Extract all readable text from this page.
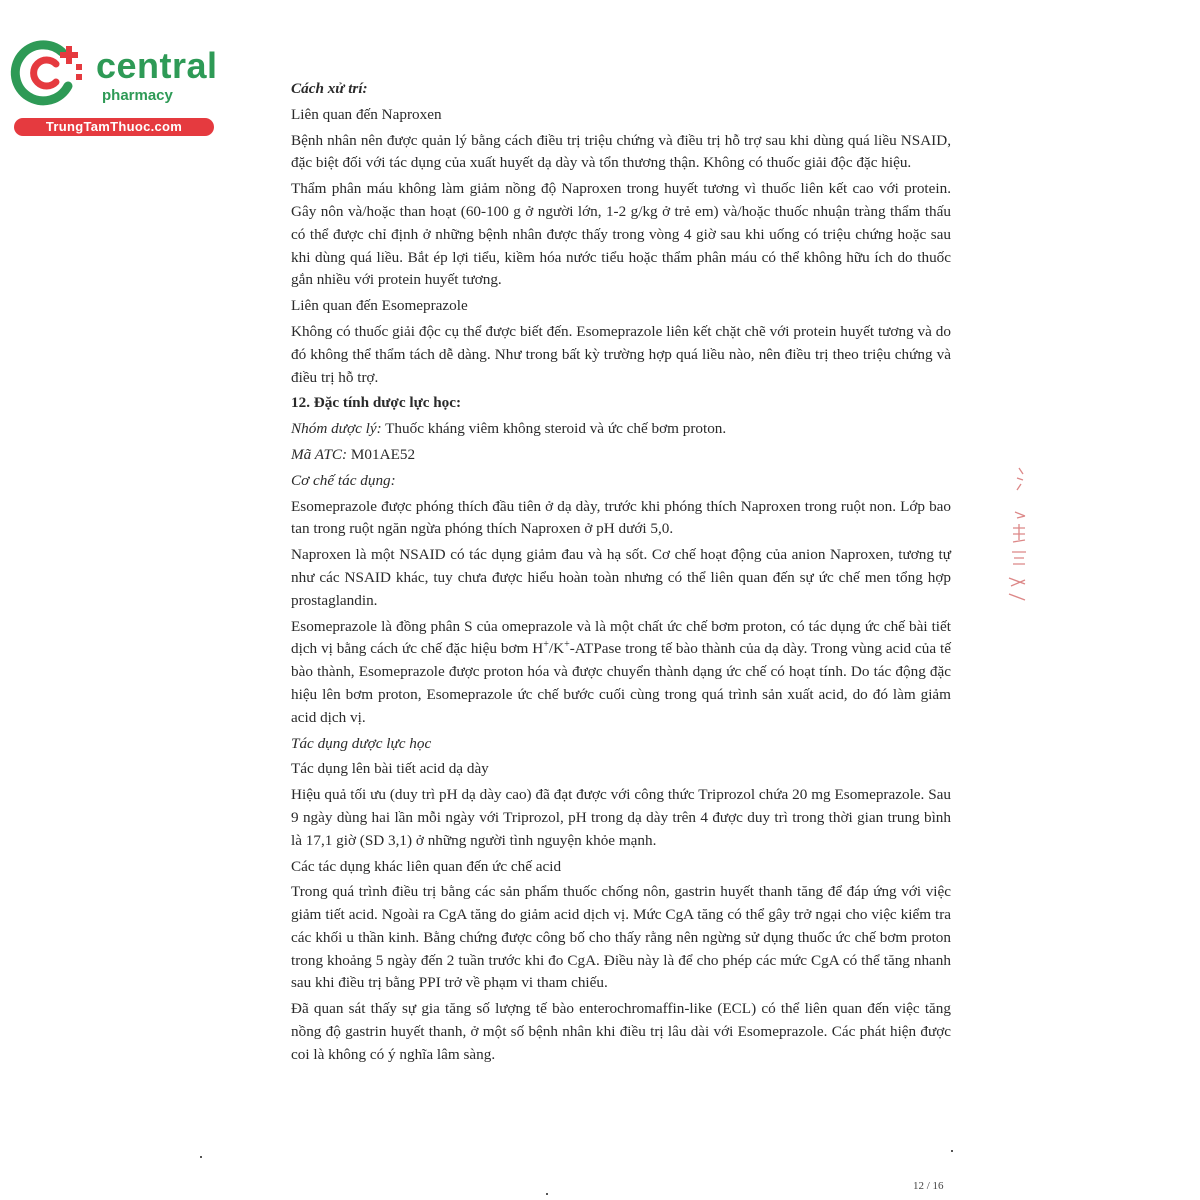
central
pharmacy
TrungTamThuoc.com
Cách xử trí:
Liên quan đến Naproxen

Bệnh nhân nên được quản lý bằng cách điều trị triệu chứng và điều trị hỗ trợ sau khi dùng quá liều NSAID, đặc biệt đối với tác dụng của xuất huyết dạ dày và tổn thương thận. Không có thuốc giải độc đặc hiệu.

Thẩm phân máu không làm giảm nồng độ Naproxen trong huyết tương vì thuốc liên kết cao với protein. Gây nôn và/hoặc than hoạt (60-100 g ở người lớn, 1-2 g/kg ở trẻ em) và/hoặc thuốc nhuận tràng thẩm thấu có thể được chỉ định ở những bệnh nhân được thấy trong vòng 4 giờ sau khi uống có triệu chứng hoặc sau khi dùng quá liều. Bắt ép lợi tiểu, kiềm hóa nước tiểu hoặc thẩm phân máu có thể không hữu ích do thuốc gắn nhiều với protein huyết tương.

Liên quan đến Esomeprazole

Không có thuốc giải độc cụ thể được biết đến. Esomeprazole liên kết chặt chẽ với protein huyết tương và do đó không thể thẩm tách dễ dàng. Như trong bất kỳ trường hợp quá liều nào, nên điều trị theo triệu chứng và điều trị hỗ trợ.

12. Đặc tính dược lực học:
Nhóm dược lý: Thuốc kháng viêm không steroid và ức chế bơm proton.
Mã ATC: M01AE52
Cơ chế tác dụng:

Esomeprazole được phóng thích đầu tiên ở dạ dày, trước khi phóng thích Naproxen trong ruột non. Lớp bao tan trong ruột ngăn ngừa phóng thích Naproxen ở pH dưới 5,0.

Naproxen là một NSAID có tác dụng giảm đau và hạ sốt. Cơ chế hoạt động của anion Naproxen, tương tự như các NSAID khác, tuy chưa được hiểu hoàn toàn nhưng có thể liên quan đến sự ức chế men tổng hợp prostaglandin.

Esomeprazole là đồng phân S của omeprazole và là một chất ức chế bơm proton, có tác dụng ức chế bài tiết dịch vị bằng cách ức chế đặc hiệu bơm H+/K+-ATPase trong tế bào thành của dạ dày. Trong vùng acid của tế bào thành, Esomeprazole được proton hóa và được chuyển thành dạng ức chế có hoạt tính. Do tác động đặc hiệu lên bơm proton, Esomeprazole ức chế bước cuối cùng trong quá trình sản xuất acid, do đó làm giảm acid dịch vị.

Tác dụng dược lực học
Tác dụng lên bài tiết acid dạ dày

Hiệu quả tối ưu (duy trì pH dạ dày cao) đã đạt được với công thức Triprozol chứa 20 mg Esomeprazole. Sau 9 ngày dùng hai lần mỗi ngày với Triprozol, pH trong dạ dày trên 4 được duy trì trong thời gian trung bình là 17,1 giờ (SD 3,1) ở những người tình nguyện khỏe mạnh.

Các tác dụng khác liên quan đến ức chế acid

Trong quá trình điều trị bằng các sản phẩm thuốc chống nôn, gastrin huyết thanh tăng để đáp ứng với việc giảm tiết acid. Ngoài ra CgA tăng do giảm acid dịch vị. Mức CgA tăng có thể gây trở ngại cho việc kiểm tra các khối u thần kinh. Bằng chứng được công bố cho thấy rằng nên ngừng sử dụng thuốc ức chế bơm proton trong khoảng 5 ngày đến 2 tuần trước khi đo CgA. Điều này là để cho phép các mức CgA có thể tăng nhanh sau khi điều trị bằng PPI trở về phạm vi tham chiếu.

Đã quan sát thấy sự gia tăng số lượng tế bào enterochromaffin-like (ECL) có thể liên quan đến việc tăng nồng độ gastrin huyết thanh, ở một số bệnh nhân khi điều trị lâu dài với Esomeprazole. Các phát hiện được coi là không có ý nghĩa lâm sàng.

12 / 16
